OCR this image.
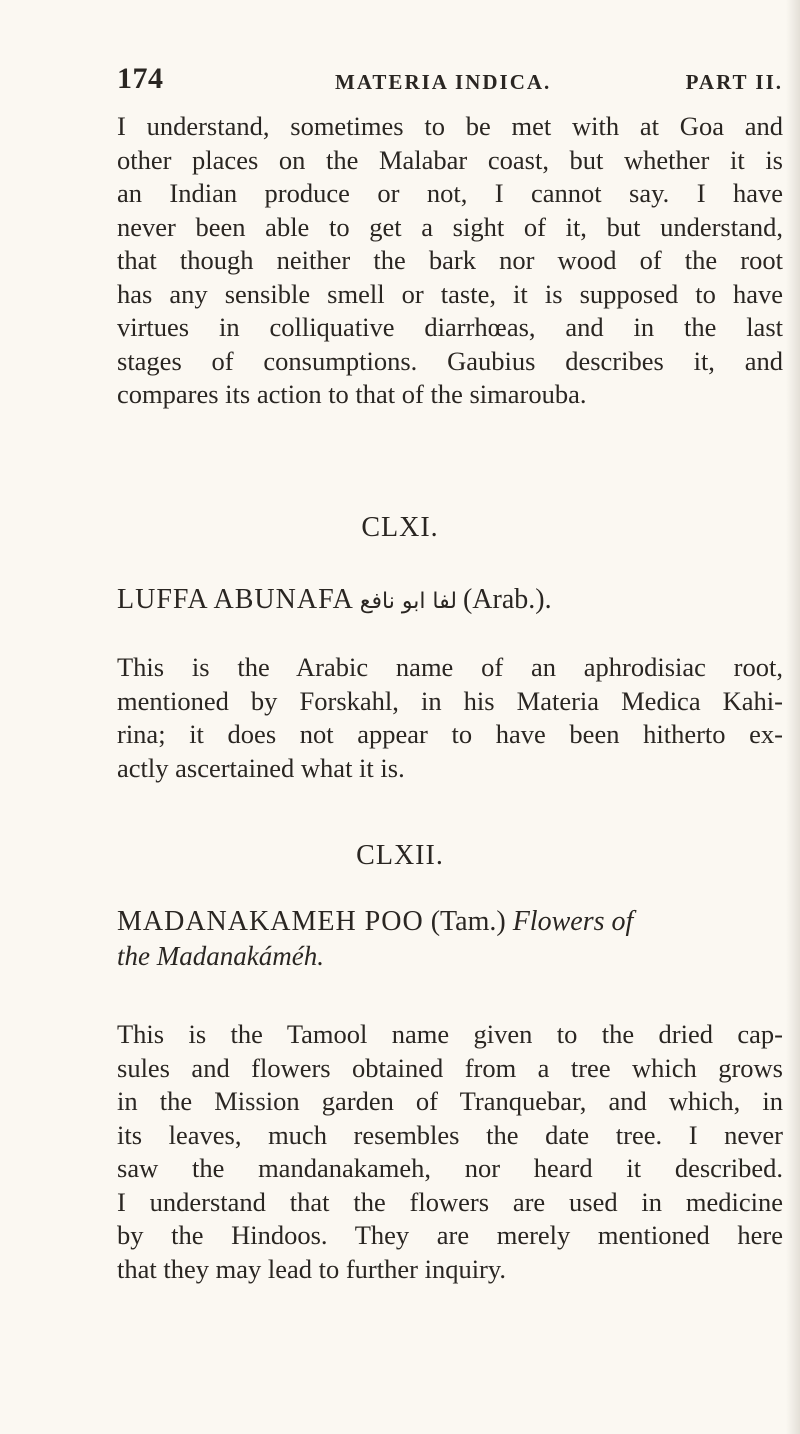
174	MATERIA INDICA.	PART II.
I understand, sometimes to be met with at Goa and
other places on the Malabar coast, but whether it is
an Indian produce or not, I cannot say. I have
never been able to get a sight of it, but understand,
that though neither the bark nor wood of the root
has any sensible smell or taste, it is supposed to have
virtues in colliquative diarrhœas, and in the last
stages of consumptions. Gaubius describes it, and
compares its action to that of the simarouba.
CLXI.
LUFFA ABUNAFA لفا ابو نافع (Arab.).
This is the Arabic name of an aphrodisiac root,
mentioned by Forskahl, in his Materia Medica Kahi-
rina; it does not appear to have been hitherto ex-
actly ascertained what it is.
CLXII.
MADANAKAMEH POO (Tam.) Flowers of
the Madanakáméh.
This is the Tamool name given to the dried cap-
sules and flowers obtained from a tree which grows
in the Mission garden of Tranquebar, and which, in
its leaves, much resembles the date tree. I never
saw the mandanakameh, nor heard it described.
I understand that the flowers are used in medicine
by the Hindoos. They are merely mentioned here
that they may lead to further inquiry.
